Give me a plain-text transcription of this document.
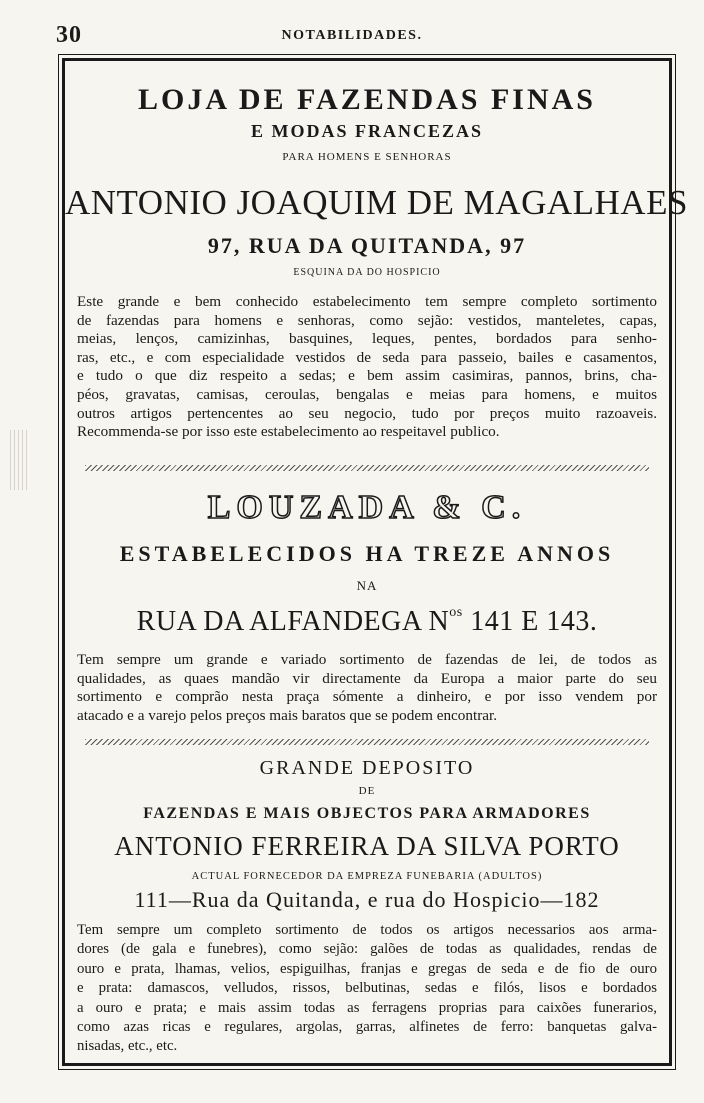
30	NOTABILIDADES.
LOJA DE FAZENDAS FINAS
E MODAS FRANCEZAS
PARA HOMENS E SENHORAS
ANTONIO JOAQUIM DE MAGALHAES
97, RUA DA QUITANDA, 97
ESQUINA DA DO HOSPICIO
Este grande e bem conhecido estabelecimento tem sempre completo sortimento
de fazendas para homens e senhoras, como sejão: vestidos, manteletes, capas,
meias, lenços, camizinhas, basquines, leques, pentes, bordados para senho-
ras, etc., e com especialidade vestidos de seda para passeio, bailes e casamentos,
e tudo o que diz respeito a sedas; e bem assim casimiras, pannos, brins, cha-
péos, gravatas, camisas, ceroulas, bengalas e meias para homens, e muitos
outros artigos pertencentes ao seu negocio, tudo por preços muito razoaveis.
Recommenda-se por isso este estabelecimento ao respeitavel publico.
LOUZADA & C.
ESTABELECIDOS HA TREZE ANNOS
NA
RUA DA ALFANDEGA $N^{os}$ 141 E 143.
Tem sempre um grande e variado sortimento de fazendas de lei, de todos as
qualidades, as quaes mandão vir directamente da Europa a maior parte do seu
sortimento e comprão nesta praça sómente a dinheiro, e por isso vendem por
atacado e a varejo pelos preços mais baratos que se podem encontrar.
GRANDE DEPOSITO
DE
FAZENDAS E MAIS OBJECTOS PARA ARMADORES
ANTONIO FERREIRA DA SILVA PORTO
ACTUAL FORNECEDOR DA EMPREZA FUNEBARIA (ADULTOS)
111—Rua da Quitanda, e rua do Hospicio—182
Tem sempre um completo sortimento de todos os artigos necessarios aos arma-
dores (de gala e funebres), como sejão: galões de todas as qualidades, rendas de
ouro e prata, lhamas, velios, espiguilhas, franjas e gregas de seda e de fio de ouro
e prata: damascos, velludos, rissos, belbutinas, sedas e filós, lisos e bordados
a ouro e prata; e mais assim todas as ferragens proprias para caixões funerarios,
como azas ricas e regulares, argolas, garras, alfinetes de ferro: banquetas galva-
nisadas, etc., etc.
